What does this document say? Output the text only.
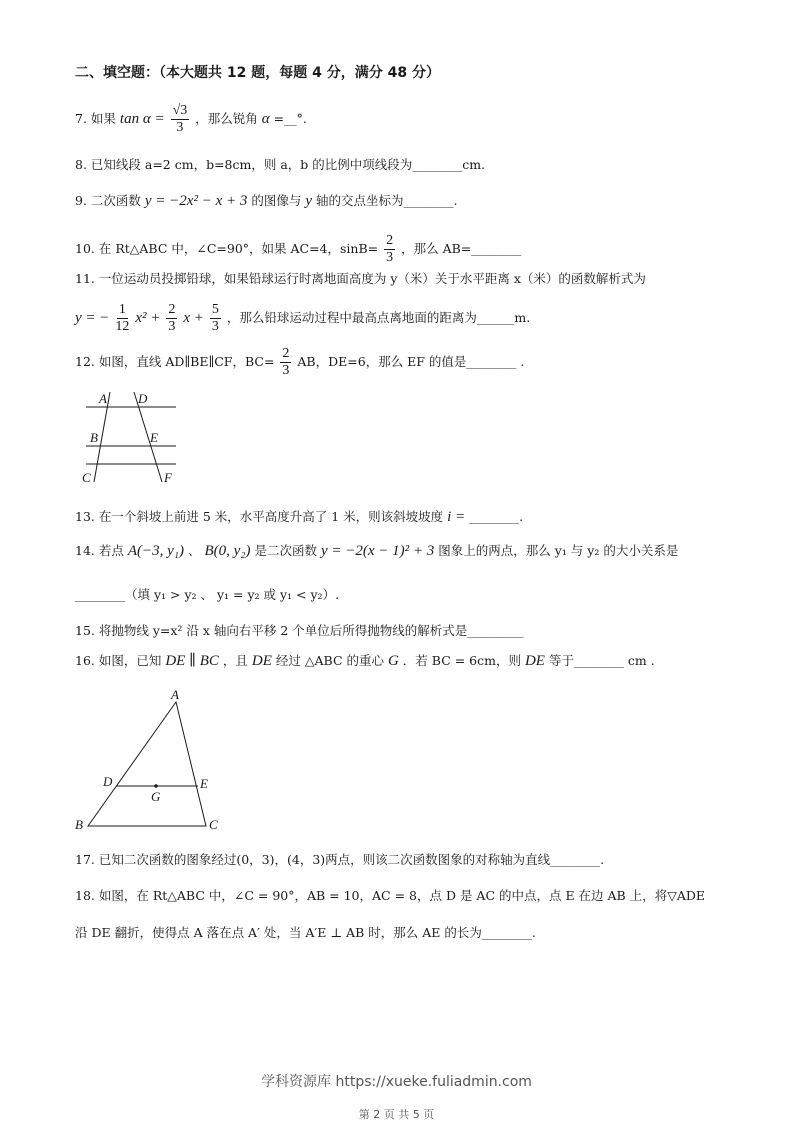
二、填空题：（本大题共 12 题，每题 4 分，满分 48 分）
7. 如果 $\tan \alpha = \frac{√3}{3}$ ，那么锐角 α =__°.
8. 已知线段 a=2 cm，b=8cm，则 a，b 的比例中项线段为________cm.
9. 二次函数 y = −2x² − x + 3 的图像与 y 轴的交点坐标为________.
10. 在 Rt△ABC 中，∠C=90°，如果 AC=4，$\sin B= \frac{2}{3}$ ，那么 AB=________
11. 一位运动员投掷铅球，如果铅球运行时离地面高度为 y（米）关于水平距离 x（米）的函数解析式为
y = − $\frac{1}{12} x^2 + \frac{2}{3}$ $x + \frac{5}{3}$ ，那么铅球运动过程中最高点离地面的距离为______m.
12. 如图，直线 AD∥BE∥CF，$BC= \frac{2}{3}$ AB，DE=6，那么 EF 的值是________ .
A D
B	E
C	F
13. 在一个斜坡上前进 5 米，水平高度升高了 1 米，则该斜坡坡度 i = ________.
14. 若点 A(−3, y₁) 、 B(0, y₂) 是二次函数 y = −2(x − 1)² + 3 图象上的两点，那么 y₁ 与 y₂ 的大小关系是
________（填 y₁ > y₂ 、 y₁ = y₂ 或 y₁ < y₂）.
15. 将抛物线 y=x² 沿 x 轴向右平移 2 个单位后所得抛物线的解析式是_________
16. 如图，已知 DE ∥ BC ，且 DE 经过 △ABC 的重心 G ．若 BC = 6cm，则 DE 等于________ cm .
A
D
G
E
B	C
17. 已知二次函数的图象经过(0，3)，(4，3)两点，则该二次函数图象的对称轴为直线________.
18. 如图，在 Rt△ABC 中，∠C = 90°，AB = 10，AC = 8，点 D 是 AC 的中点，点 E 在边 AB 上，将▽ADE
沿 DE 翻折，使得点 A 落在点 A′ 处，当 A′E ⊥ AB 时，那么 AE 的长为________.
学科资源库 https://xueke.fuliadmin.com
第 2 页 共 5 页
